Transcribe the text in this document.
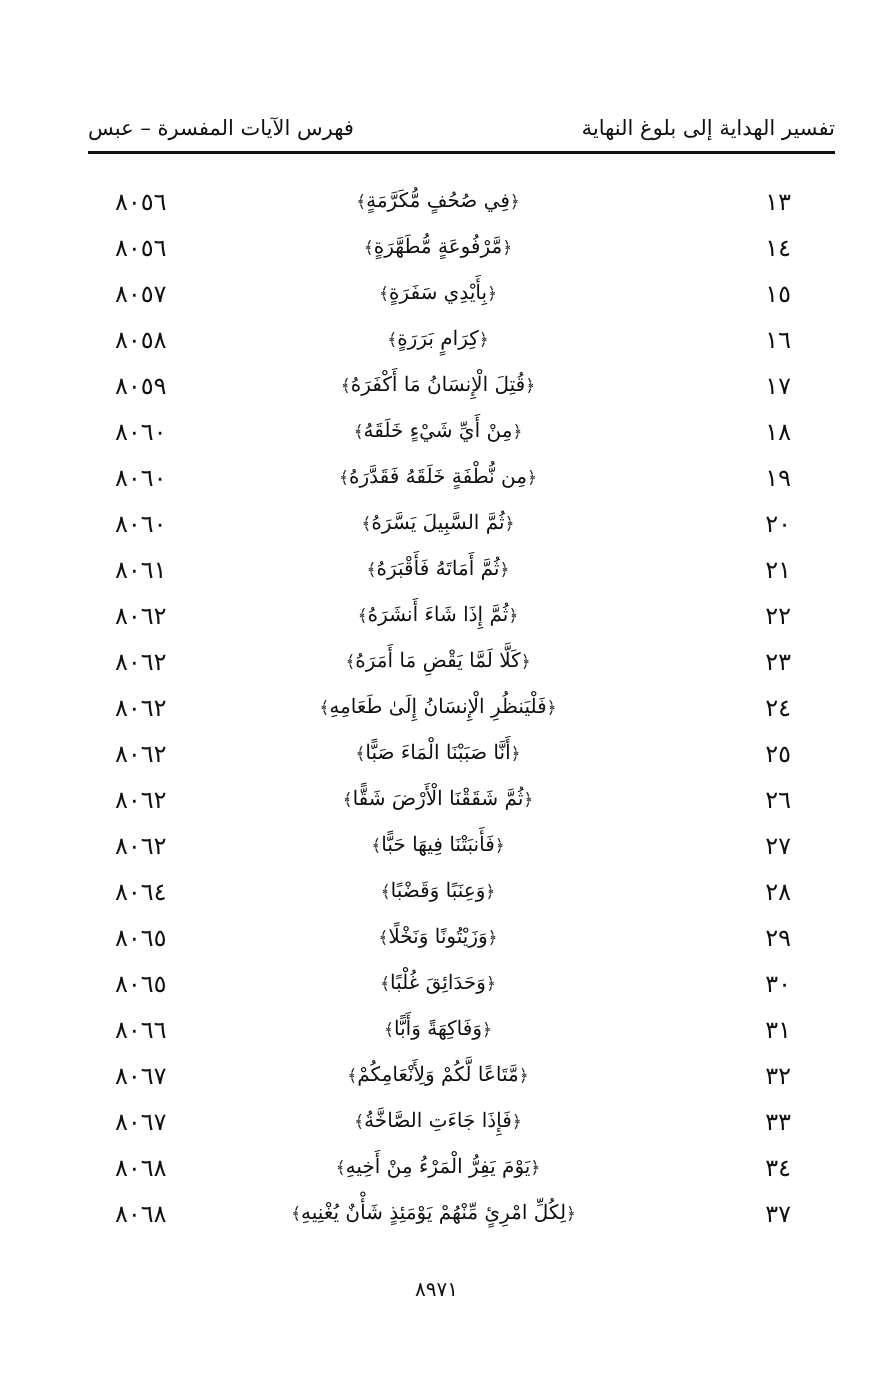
تفسير الهداية إلى بلوغ النهاية
فهرس الآيات المفسرة – عبس
١٣
﴿فِي صُحُفٍ مُّكَرَّمَةٍ﴾
٨٠٥٦
١٤
﴿مَّرْفُوعَةٍ مُّطَهَّرَةٍ﴾
٨٠٥٦
١٥
﴿بِأَيْدِي سَفَرَةٍ﴾
٨٠٥٧
١٦
﴿كِرَامٍ بَرَرَةٍ﴾
٨٠٥٨
١٧
﴿قُتِلَ الْإِنسَانُ مَا أَكْفَرَهُ﴾
٨٠٥٩
١٨
﴿مِنْ أَيِّ شَيْءٍ خَلَقَهُ﴾
٨٠٦٠
١٩
﴿مِن نُّطْفَةٍ خَلَقَهُ فَقَدَّرَهُ﴾
٨٠٦٠
٢٠
﴿ثُمَّ السَّبِيلَ يَسَّرَهُ﴾
٨٠٦٠
٢١
﴿ثُمَّ أَمَاتَهُ فَأَقْبَرَهُ﴾
٨٠٦١
٢٢
﴿ثُمَّ إِذَا شَاءَ أَنشَرَهُ﴾
٨٠٦٢
٢٣
﴿كَلَّا لَمَّا يَقْضِ مَا أَمَرَهُ﴾
٨٠٦٢
٢٤
﴿فَلْيَنظُرِ الْإِنسَانُ إِلَىٰ طَعَامِهِ﴾
٨٠٦٢
٢٥
﴿أَنَّا صَبَبْنَا الْمَاءَ صَبًّا﴾
٨٠٦٢
٢٦
﴿ثُمَّ شَقَقْنَا الْأَرْضَ شَقًّا﴾
٨٠٦٢
٢٧
﴿فَأَنبَتْنَا فِيهَا حَبًّا﴾
٨٠٦٢
٢٨
﴿وَعِنَبًا وَقَضْبًا﴾
٨٠٦٤
٢٩
﴿وَزَيْتُونًا وَنَخْلًا﴾
٨٠٦٥
٣٠
﴿وَحَدَائِقَ غُلْبًا﴾
٨٠٦٥
٣١
﴿وَفَاكِهَةً وَأَبًّا﴾
٨٠٦٦
٣٢
﴿مَّتَاعًا لَّكُمْ وَلِأَنْعَامِكُمْ﴾
٨٠٦٧
٣٣
﴿فَإِذَا جَاءَتِ الصَّاخَّةُ﴾
٨٠٦٧
٣٤
﴿يَوْمَ يَفِرُّ الْمَرْءُ مِنْ أَخِيهِ﴾
٨٠٦٨
٣٧
﴿لِكُلِّ امْرِئٍ مِّنْهُمْ يَوْمَئِذٍ شَأْنٌ يُغْنِيهِ﴾
٨٠٦٨
٨٩٧١
